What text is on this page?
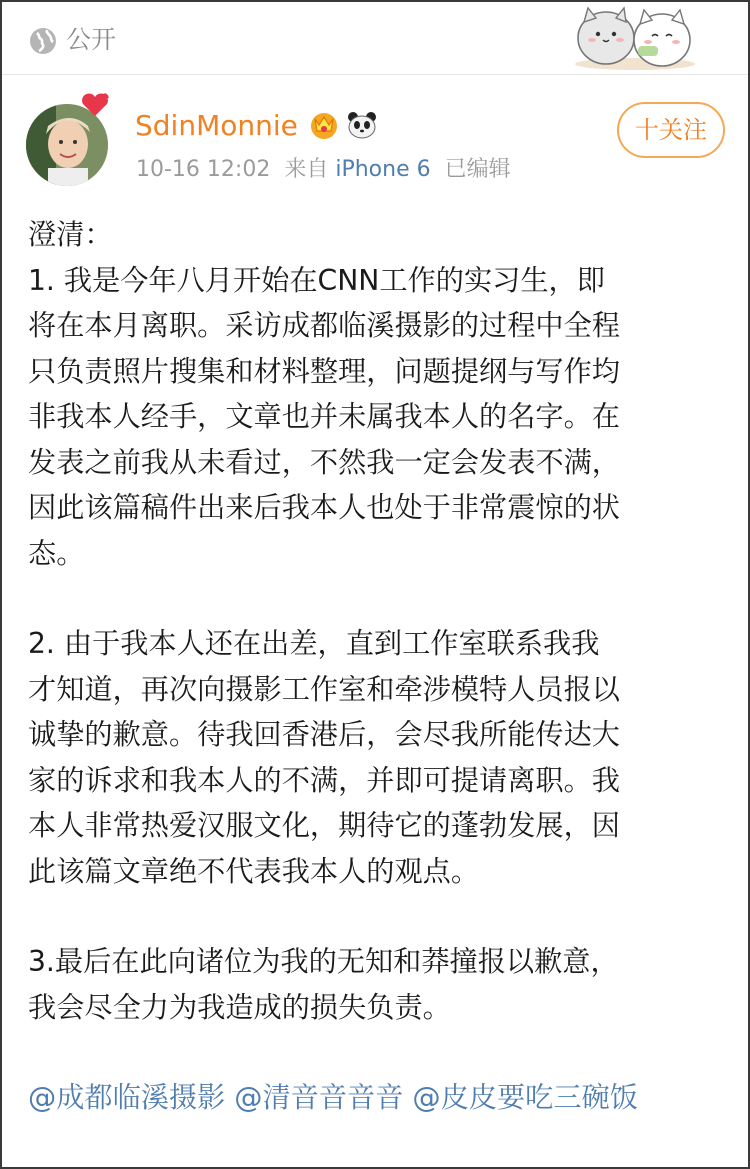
公开
SdinMonnie
10-16 12:02 来自 iPhone 6 已编辑
十关注

澄清：

1. 我是今年八月开始在CNN工作的实习生，即

将在本月离职。采访成都临溪摄影的过程中全程

只负责照片搜集和材料整理，问题提纲与写作均

非我本人经手，文章也并未属我本人的名字。在

发表之前我从未看过，不然我一定会发表不满，

因此该篇稿件出来后我本人也处于非常震惊的状

态。

2. 由于我本人还在出差，直到工作室联系我我

才知道，再次向摄影工作室和牵涉模特人员报以

诚挚的歉意。待我回香港后，会尽我所能传达大

家的诉求和我本人的不满，并即可提请离职。我

本人非常热爱汉服文化，期待它的蓬勃发展，因

此该篇文章绝不代表我本人的观点。

3.最后在此向诸位为我的无知和莽撞报以歉意，

我会尽全力为我造成的损失负责。

@成都临溪摄影 @清音音音音 @皮皮要吃三碗饭
